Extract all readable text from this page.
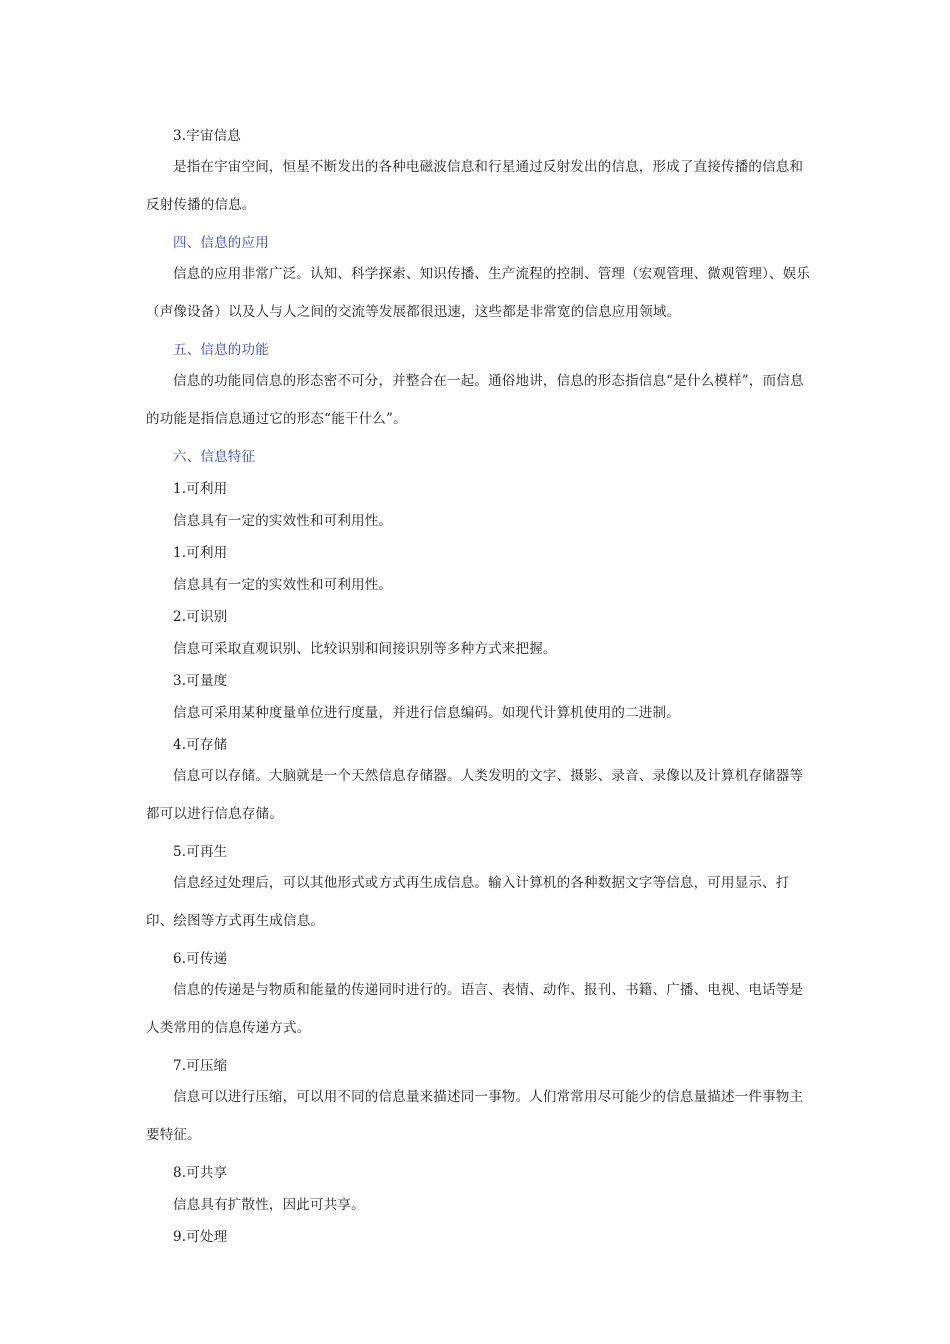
3.宇宙信息
是指在宇宙空间，恒星不断发出的各种电磁波信息和行星通过反射发出的信息，形成了直接传播的信息和反射传播的信息。
四、信息的应用
信息的应用非常广泛。认知、科学探索、知识传播、生产流程的控制、管理（宏观管理、微观管理）、娱乐（声像设备）以及人与人之间的交流等发展都很迅速，这些都是非常宽的信息应用领域。
五、信息的功能
信息的功能同信息的形态密不可分，并整合在一起。通俗地讲，信息的形态指信息“是什么模样”，而信息的功能是指信息通过它的形态“能干什么”。
六、信息特征
1.可利用
信息具有一定的实效性和可利用性。
1.可利用
信息具有一定的实效性和可利用性。
2.可识别
信息可采取直观识别、比较识别和间接识别等多种方式来把握。
3.可量度
信息可采用某种度量单位进行度量，并进行信息编码。如现代计算机使用的二进制。
4.可存储
信息可以存储。大脑就是一个天然信息存储器。人类发明的文字、摄影、录音、录像以及计算机存储器等都可以进行信息存储。
5.可再生
信息经过处理后，可以其他形式或方式再生成信息。输入计算机的各种数据文字等信息，可用显示、打印、绘图等方式再生成信息。
6.可传递
信息的传递是与物质和能量的传递同时进行的。语言、表情、动作、报刊、书籍、广播、电视、电话等是人类常用的信息传递方式。
7.可压缩
信息可以进行压缩，可以用不同的信息量来描述同一事物。人们常常用尽可能少的信息量描述一件事物主要特征。
8.可共享
信息具有扩散性，因此可共享。
9.可处理
